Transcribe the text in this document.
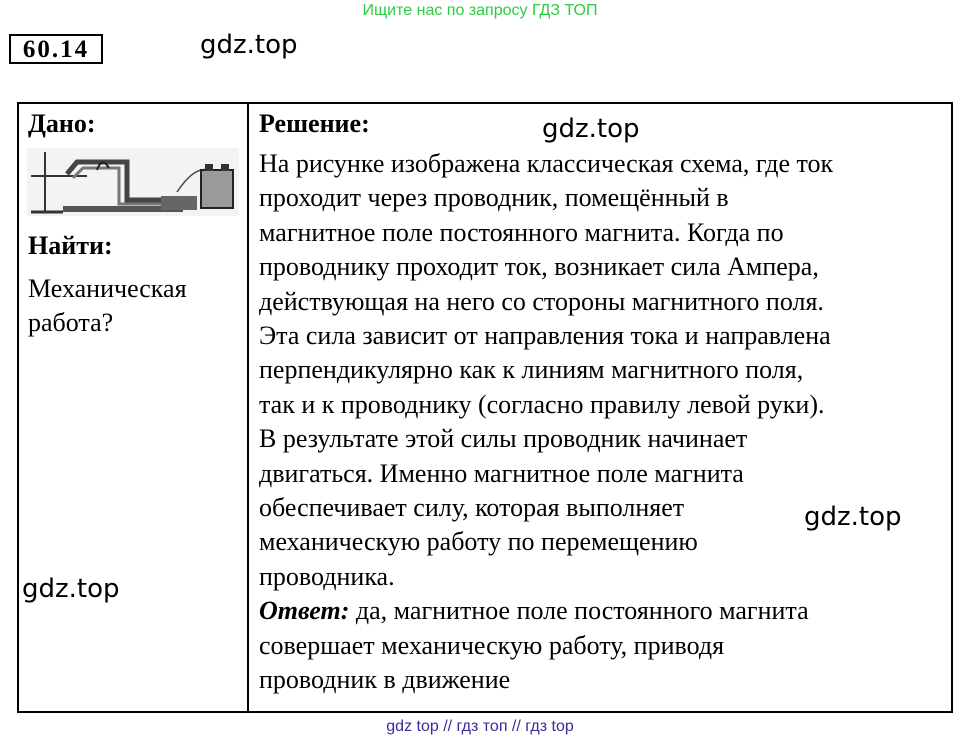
Ищите нас по запросу ГДЗ ТОП
60.14	gdz.top
Дано:
Найти:
Механическая
работа?
gdz.top
Решение:	gdz.top
На рисунке изображена классическая схема, где ток
проходит через проводник, помещённый в
магнитное поле постоянного магнита. Когда по
проводнику проходит ток, возникает сила Ампера,
действующая на него со стороны магнитного поля.
Эта сила зависит от направления тока и направлена
перпендикулярно как к линиям магнитного поля,
так и к проводнику (согласно правилу левой руки).
В результате этой силы проводник начинает
двигаться. Именно магнитное поле магнита
обеспечивает силу, которая выполняет
механическую работу по перемещению
проводника.
Ответ: да, магнитное поле постоянного магнита
совершает механическую работу, приводя
проводник в движение
gdz.top
gdz top // гдз топ // гдз top
